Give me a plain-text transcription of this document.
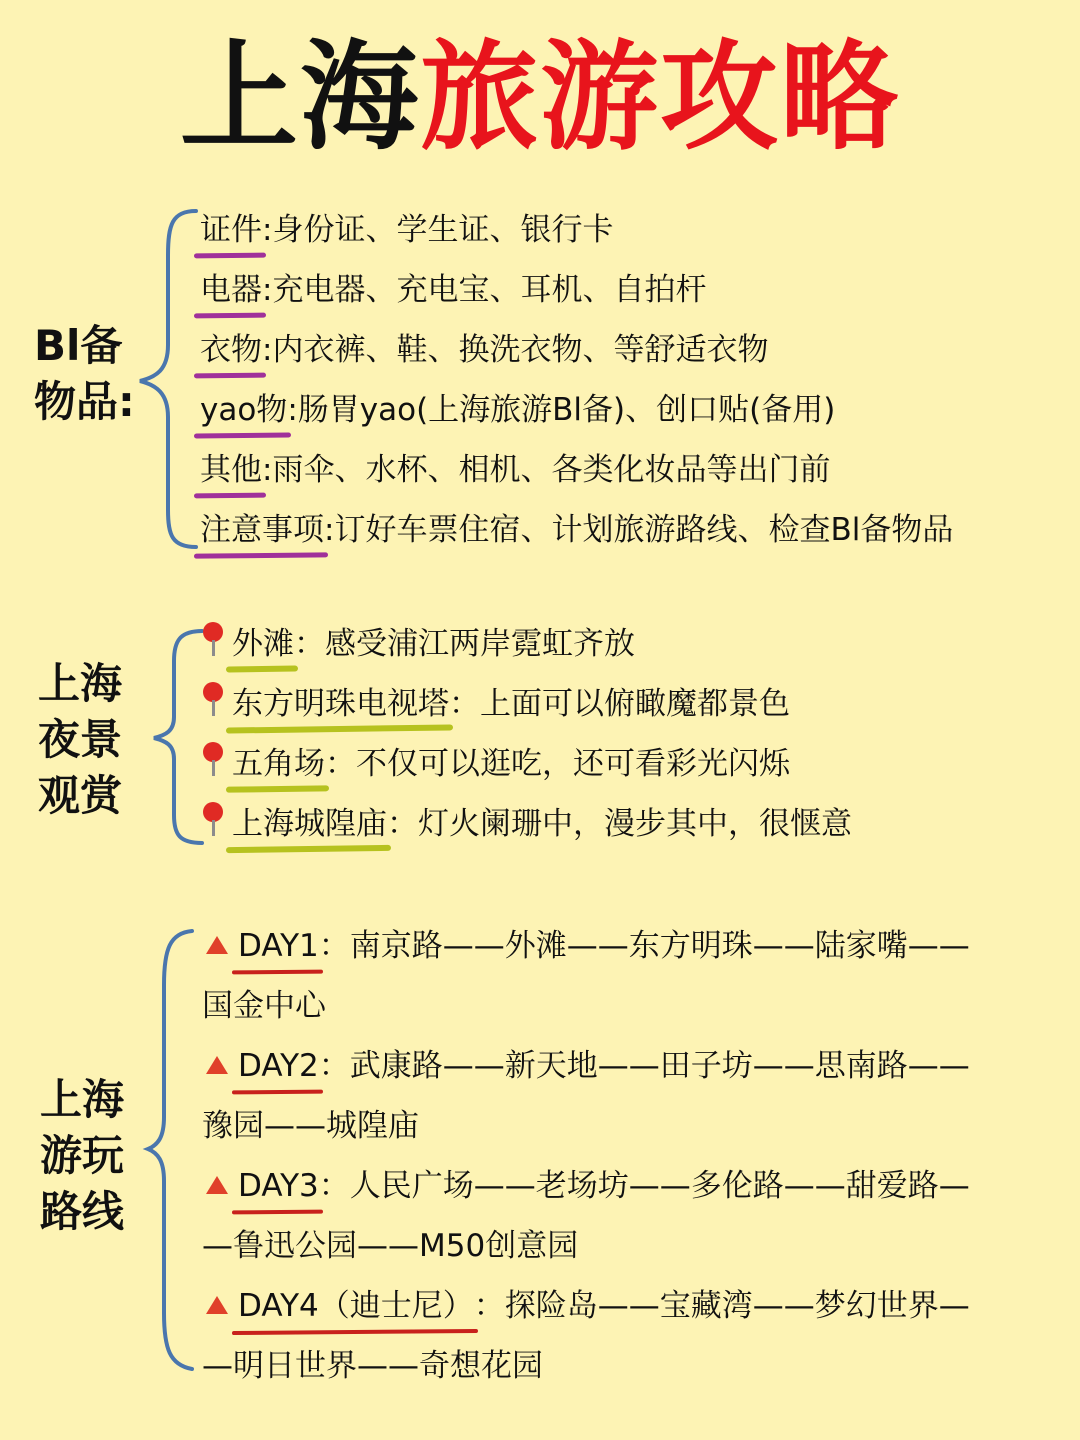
上海旅游攻略
Bl备
物品:
证件
:身份证、学生证、银行卡
电器
:充电器、充电宝、耳机、自拍杆
衣物
:内衣裤、鞋、换洗衣物、等舒适衣物
yao物
:肠胃yao(上海旅游Bl备)、创口贴(备用)
其他
:雨伞、水杯、相机、各类化妆品等出门前
注意事项
:订好车票住宿、计划旅游路线、检查Bl备物品
上海
夜景
观赏
外滩
：感受浦江两岸霓虹齐放
东方明珠电视塔
：上面可以俯瞰魔都景色
五角场
：不仅可以逛吃，还可看彩光闪烁
上海城隍庙
：灯火阑珊中，漫步其中，很惬意
上海
游玩
路线
DAY1
：南京路——外滩——东方明珠——陆家嘴——
国金中心
DAY2
：武康路——新天地——田子坊——思南路——
豫园——城隍庙
DAY3
：人民广场——老场坊——多伦路——甜爱路—
—鲁迅公园——M50创意园
DAY4（迪士尼）
：探险岛——宝藏湾——梦幻世界—
—明日世界——奇想花园
